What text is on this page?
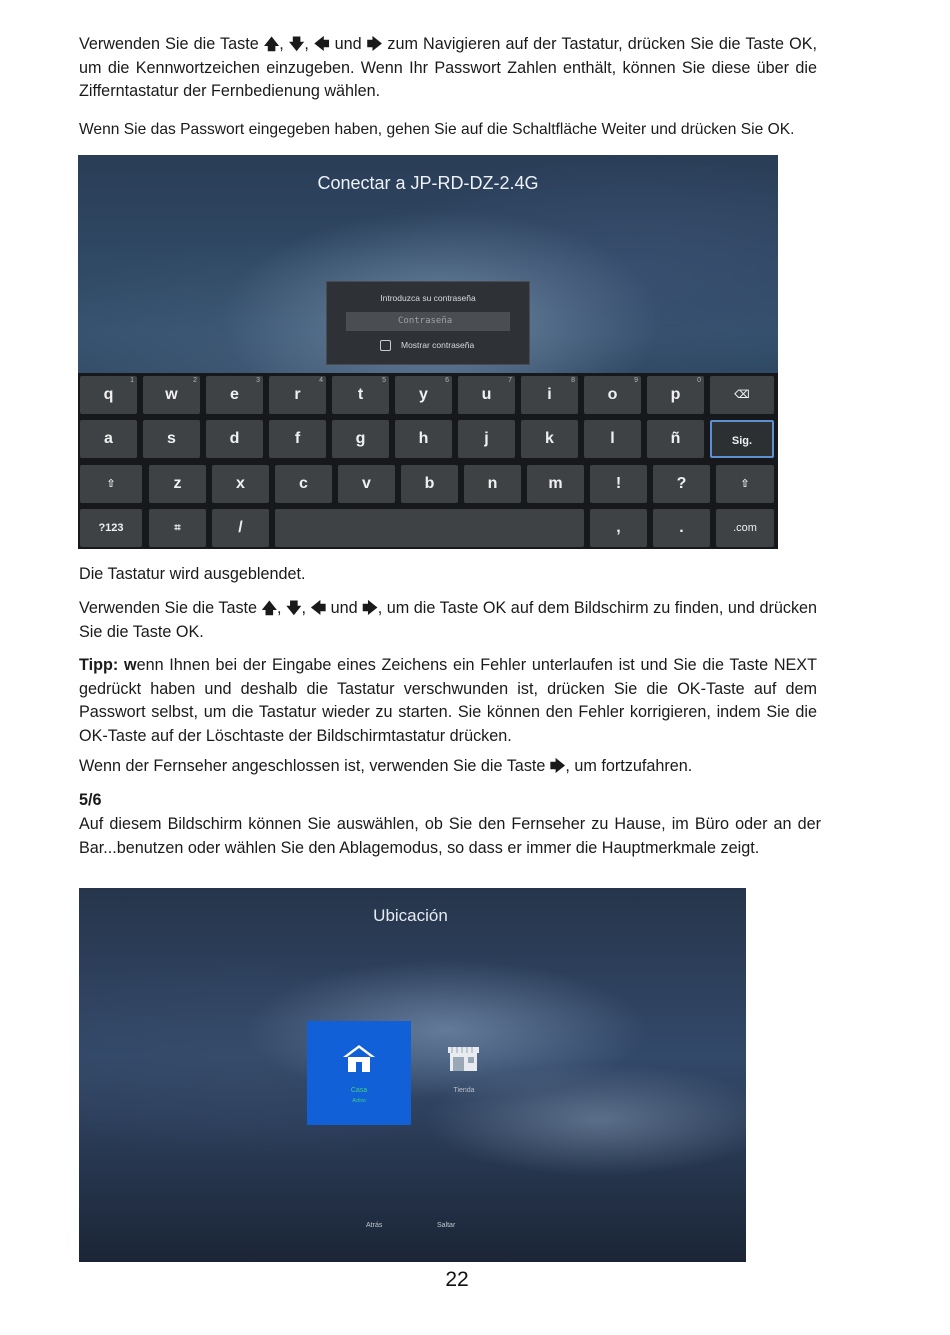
Verwenden Sie die Taste 🡅, 🡇, 🡄 und 🡆 zum Navigieren auf der Tastatur, drücken Sie die Taste OK, um die Kennwortzeichen einzugeben. Wenn Ihr Passwort Zahlen enthält, können Sie diese über die Zifferntastatur der Fernbedienung wählen.
Wenn Sie das Passwort eingegeben haben, gehen Sie auf die Schaltfläche Weiter und drücken Sie OK.
Conectar a JP-RD-DZ-2.4G
Introduzca su contraseña
Contraseña
Mostrar contraseña
1
q
2
w
3
e
4
r
5
t
6
y
7
u
8
i
9
o
0
p	⌫
a	s	d	f	g	h	j	k	l	ñ	Sig.
⇧	z	x	c	v	b	n	m	!	?	⇧
?123	⌗	/	,	.	.com
Die Tastatur wird ausgeblendet.
Verwenden Sie die Taste 🡅, 🡇, 🡄 und 🡆, um die Taste OK auf dem Bildschirm zu finden, und drücken Sie die Taste OK.
Tipp: wenn Ihnen bei der Eingabe eines Zeichens ein Fehler unterlaufen ist und Sie die Taste NEXT gedrückt haben und deshalb die Tastatur verschwunden ist, drücken Sie die OK-Taste auf dem Passwort selbst, um die Tastatur wieder zu starten. Sie können den Fehler korrigieren, indem Sie die OK-Taste auf der Löschtaste der Bildschirmtastatur drücken.
Wenn der Fernseher angeschlossen ist, verwenden Sie die Taste 🡆, um fortzufahren.
5/6
Auf diesem Bildschirm können Sie auswählen, ob Sie den Fernseher zu Hause, im Büro oder an der Bar...benutzen oder wählen Sie den Ablagemodus, so dass er immer die Hauptmerkmale zeigt.
Ubicación
Casa
Activo
Tienda
Atrás	Saltar
22
